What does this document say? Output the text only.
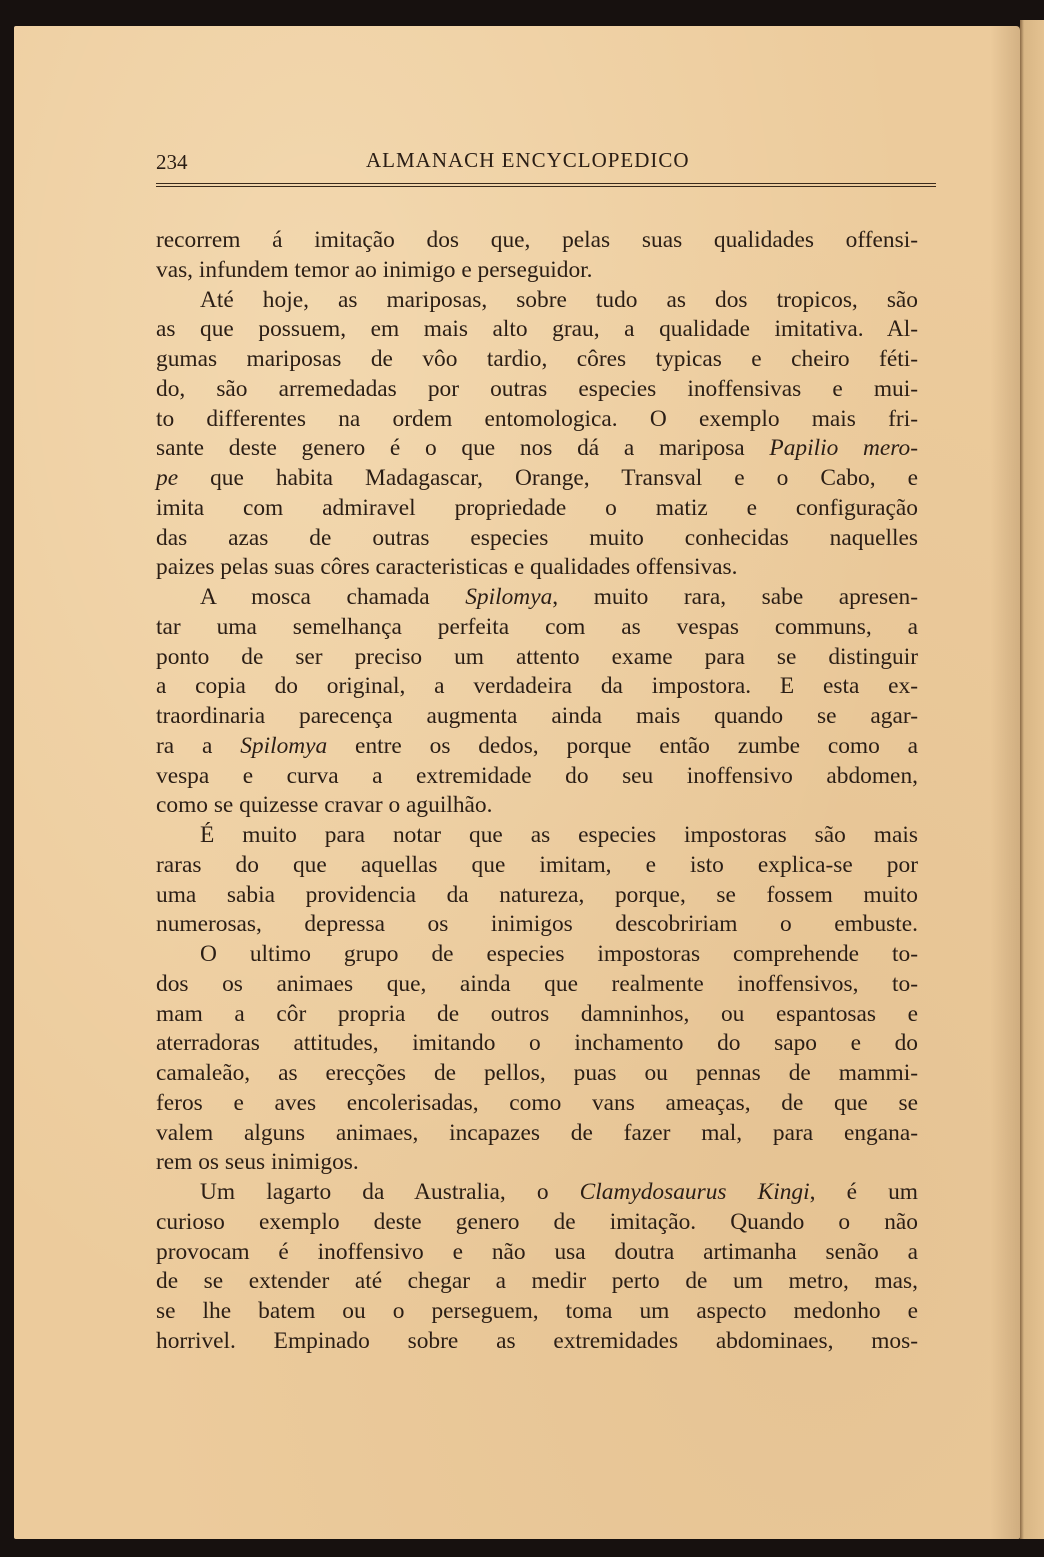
234	ALMANACH ENCYCLOPEDICO
recorrem á imitação dos que, pelas suas qualidades offensi-
vas, infundem temor ao inimigo e perseguidor.
Até hoje, as mariposas, sobre tudo as dos tropicos, são
as que possuem, em mais alto grau, a qualidade imitativa. Al-
gumas mariposas de vôo tardio, côres typicas e cheiro féti-
do, são arremedadas por outras especies inoffensivas e mui-
to differentes na ordem entomologica. O exemplo mais fri-
sante deste genero é o que nos dá a mariposa Papilio mero-
pe que habita Madagascar, Orange, Transval e o Cabo, e
imita com admiravel propriedade o matiz e configuração
das azas de outras especies muito conhecidas naquelles
paizes pelas suas côres caracteristicas e qualidades offensivas.
A mosca chamada Spilomya, muito rara, sabe apresen-
tar uma semelhança perfeita com as vespas communs, a
ponto de ser preciso um attento exame para se distinguir
a copia do original, a verdadeira da impostora. E esta ex-
traordinaria parecença augmenta ainda mais quando se agar-
ra a Spilomya entre os dedos, porque então zumbe como a
vespa e curva a extremidade do seu inoffensivo abdomen,
como se quizesse cravar o aguilhão.
É muito para notar que as especies impostoras são mais
raras do que aquellas que imitam, e isto explica-se por
uma sabia providencia da natureza, porque, se fossem muito
numerosas, depressa os inimigos descobririam o embuste.
O ultimo grupo de especies impostoras comprehende to-
dos os animaes que, ainda que realmente inoffensivos, to-
mam a côr propria de outros damninhos, ou espantosas e
aterradoras attitudes, imitando o inchamento do sapo e do
camaleão, as erecções de pellos, puas ou pennas de mammi-
feros e aves encolerisadas, como vans ameaças, de que se
valem alguns animaes, incapazes de fazer mal, para engana-
rem os seus inimigos.
Um lagarto da Australia, o Clamydosaurus Kingi, é um
curioso exemplo deste genero de imitação. Quando o não
provocam é inoffensivo e não usa doutra artimanha senão a
de se extender até chegar a medir perto de um metro, mas,
se lhe batem ou o perseguem, toma um aspecto medonho e
horrivel. Empinado sobre as extremidades abdominaes, mos-
